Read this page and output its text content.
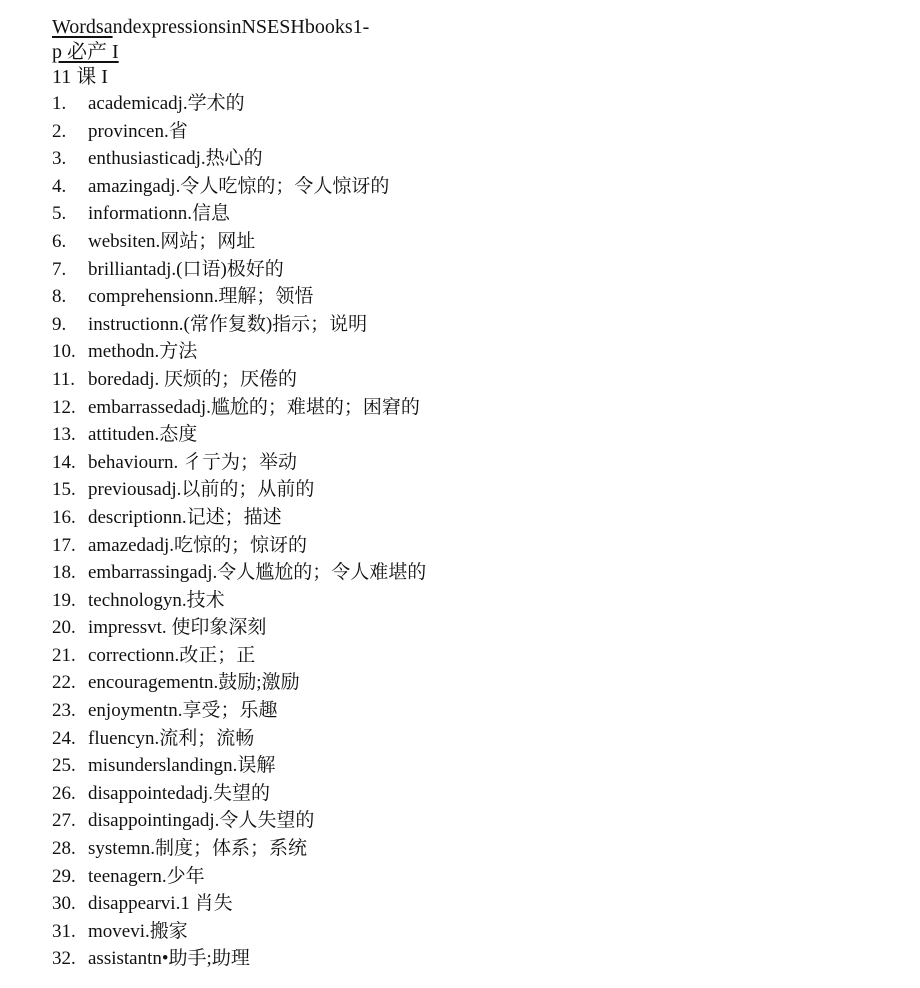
WordsandexpressionsinNSESHbooks1-
p 必产 I
11 课 I
1. academicadj.学术的
2. provincen.省
3. enthusiasticadj.热心的
4. amazingadj.令人吃惊的；令人惊讶的
5. informationn.信息
6. websiten.网站；网址
7. brilliantadj.(口语)极好的
8. comprehensionn.理解；领悟
9. instructionn.(常作复数)指示；说明
10. methodn.方法
11. boredadj. 厌烦的；厌倦的
12. embarrassedadj.尴尬的；难堪的；困窘的
13. attituden.态度
14. behaviourn. 彳亍为；举动
15. previousadj.以前的；从前的
16. descriptionn.记述；描述
17. amazedadj.吃惊的；惊讶的
18. embarrassingadj.令人尴尬的；令人难堪的
19. technologyn.技术
20. impressvt. 使印象深刻
21. correctionn.改正；正
22. encouragementn.鼓励;激励
23. enjoymentn.享受；乐趣
24. fluencyn.流利；流畅
25. misunderslandingn.误解
26. disappointedadj.失望的
27. disappointingadj.令人失望的
28. systemn.制度；体系；系统
29. teenagern.少年
30. disappearvi.1 肖失
31. movevi.搬家
32. assistantn•助手;助理
